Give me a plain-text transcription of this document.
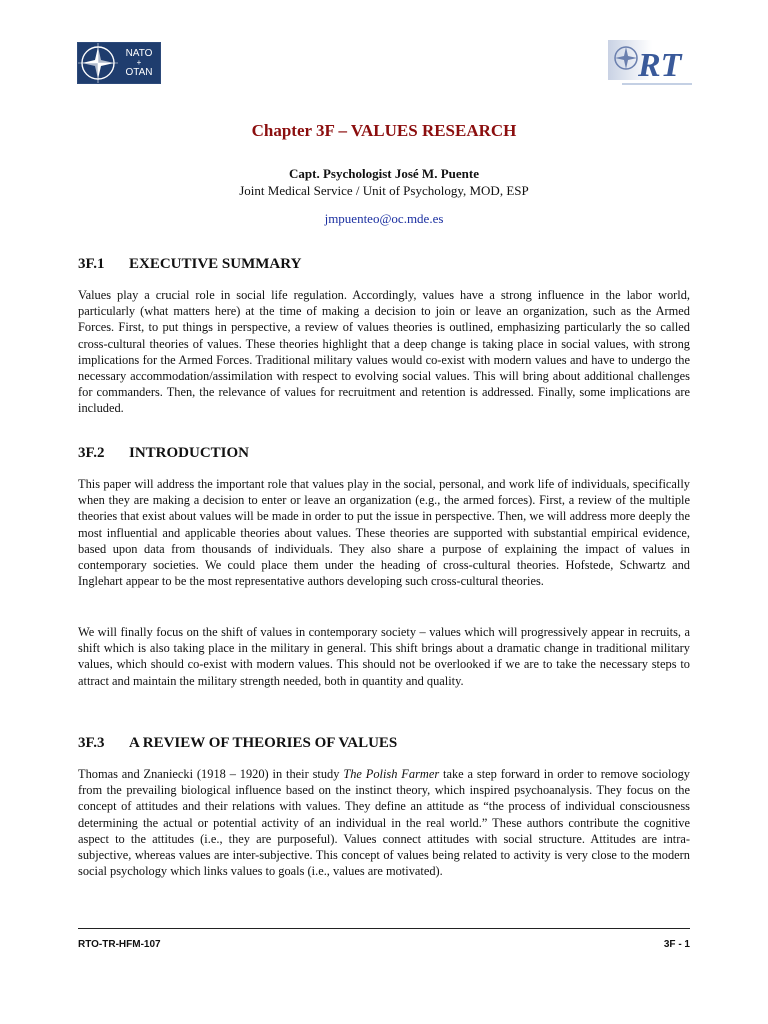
NATO
+
OTAN	RT
Chapter 3F – VALUES RESEARCH
Capt. Psychologist José M. Puente
Joint Medical Service / Unit of Psychology, MOD, ESP
jmpuenteo@oc.mde.es
3F.1 EXECUTIVE SUMMARY

Values play a crucial role in social life regulation. Accordingly, values have a strong influence in the labor world, particularly (what matters here) at the time of making a decision to join or leave an organization, such as the Armed Forces. First, to put things in perspective, a review of values theories is outlined, emphasizing particularly the so called cross-cultural theories of values. These theories highlight that a deep change is taking place in social values, with strong implications for the Armed Forces. Traditional military values would co-exist with modern values and have to undergo the necessary accommodation/assimilation with respect to evolving social values. This will bring about additional challenges for commanders. Then, the relevance of values for recruitment and retention is addressed. Finally, some implications are included.

3F.2 INTRODUCTION

This paper will address the important role that values play in the social, personal, and work life of individuals, specifically when they are making a decision to enter or leave an organization (e.g., the armed forces). First, a review of the multiple theories that exist about values will be made in order to put the issue in perspective. Then, we will address more deeply the most influential and applicable theories about values. These theories are supported with substantial empirical evidence, based upon data from thousands of individuals. They also share a purpose of explaining the impact of values in contemporary societies. We could place them under the heading of cross-cultural theories. Hofstede, Schwartz and Inglehart appear to be the most representative authors developing such cross-cultural theories.

We will finally focus on the shift of values in contemporary society – values which will progressively appear in recruits, a shift which is also taking place in the military in general. This shift brings about a dramatic change in traditional military values, which should co-exist with modern values. This should not be overlooked if we are to take the necessary steps to attract and maintain the military strength needed, both in quantity and quality.

3F.3 A REVIEW OF THEORIES OF VALUES

Thomas and Znaniecki (1918 – 1920) in their study The Polish Farmer take a step forward in order to remove sociology from the prevailing biological influence based on the instinct theory, which inspired psychoanalysis. They focus on the concept of attitudes and their relations with values. They define an attitude as “the process of individual consciousness determining the actual or potential activity of an individual in the real world.” These authors contribute the cognitive aspect to the attitudes (i.e., they are purposeful). Values connect attitudes with social structure. Attitudes are intra-subjective, whereas values are inter-subjective. This concept of values being related to activity is very close to the modern social psychology which links values to goals (i.e., values are motivated).

RTO-TR-HFM-107	3F - 1
